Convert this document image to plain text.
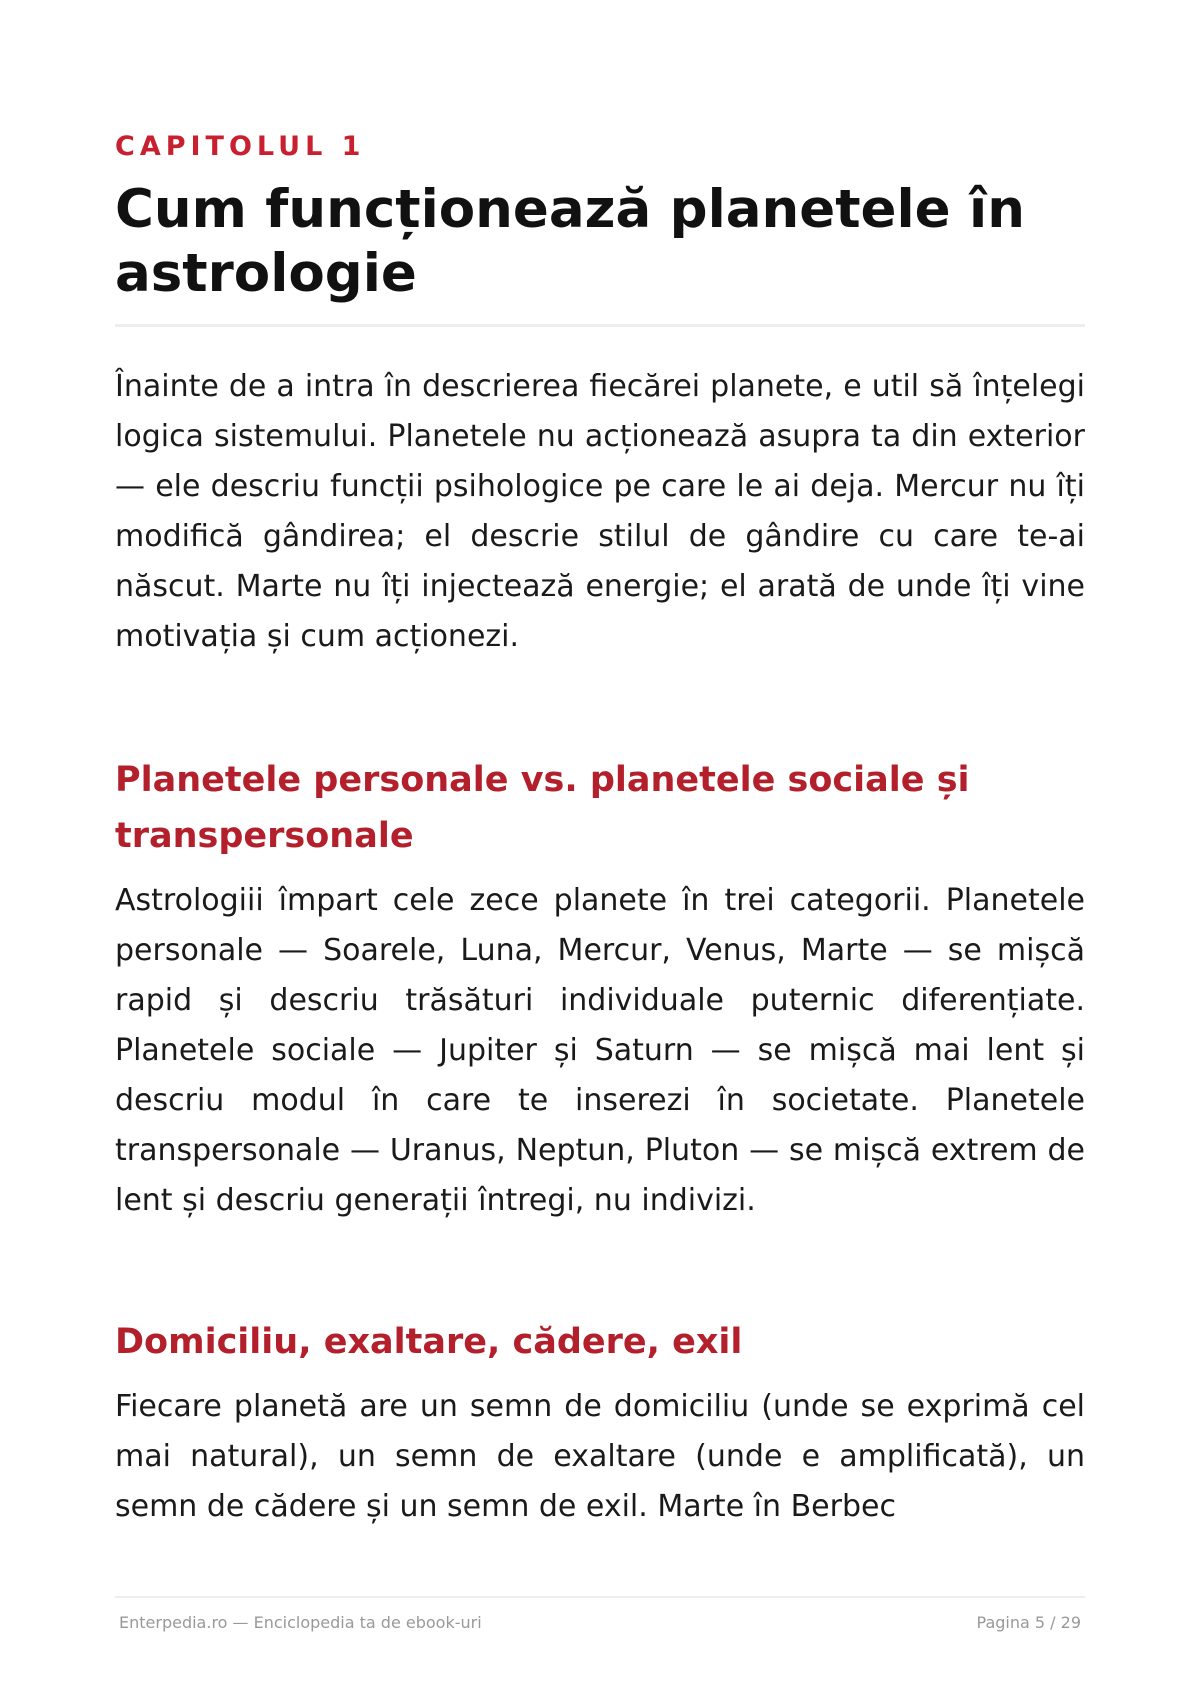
CAPITOLUL 1
Cum funcționează planetele în astrologie

Înainte de a intra în descrierea fiecărei planete, e util să înțelegi logica sistemului. Planetele nu acționează asupra ta din exterior — ele descriu funcții psihologice pe care le ai deja. Mercur nu îți modifică gândirea; el descrie stilul de gândire cu care te-ai născut. Marte nu îți injectează energie; el arată de unde îți vine motivația și cum acționezi.

Planetele personale vs. planetele sociale și transpersonale

Astrologiii împart cele zece planete în trei categorii. Planetele personale — Soarele, Luna, Mercur, Venus, Marte — se mișcă rapid și descriu trăsături individuale puternic diferențiate. Planetele sociale — Jupiter și Saturn — se mișcă mai lent și descriu modul în care te inserezi în societate. Planetele transpersonale — Uranus, Neptun, Pluton — se mișcă extrem de lent și descriu generații întregi, nu indivizi.

Domiciliu, exaltare, cădere, exil

Fiecare planetă are un semn de domiciliu (unde se exprimă cel mai natural), un semn de exaltare (unde e amplificată), un semn de cădere și un semn de exil. Marte în Berbec

Enterpedia.ro — Enciclopedia ta de ebook-uri	Pagina 5 / 29
